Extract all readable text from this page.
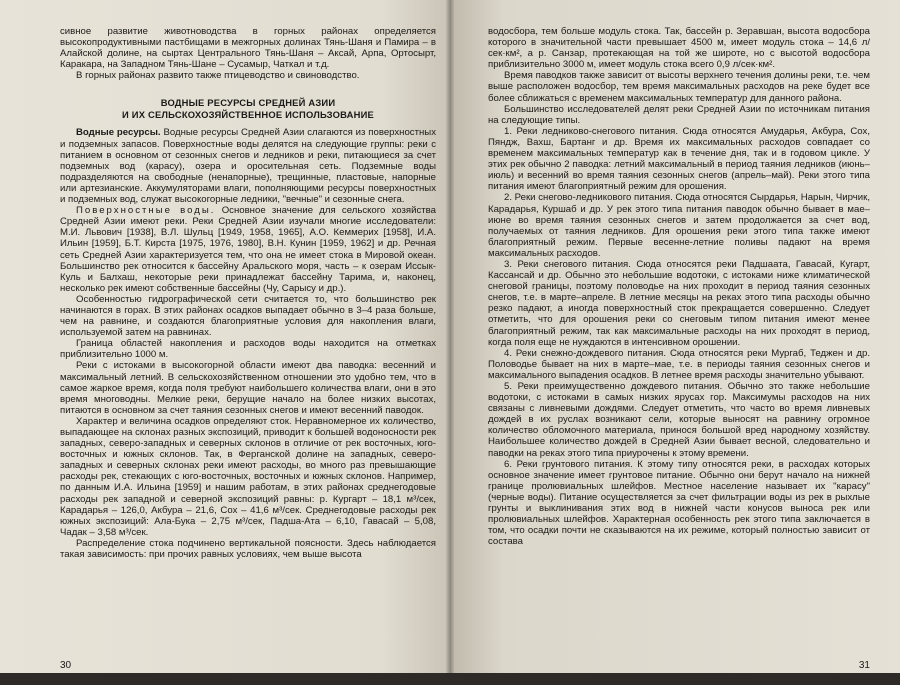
сивное развитие животноводства в горных районах определяется высокопродуктивными пастбищами в межгорных долинах Тянь-Шаня и Памира – в Алайской долине, на сыртах Центрального Тянь-Шаня – Аксай, Арпа, Ортосырт, Каракара, на Западном Тянь-Шане – Сусамыр, Чаткал и т.д.

В горных районах развито также птицеводство и свиноводство.

ВОДНЫЕ РЕСУРСЫ СРЕДНЕЙ АЗИИ

И ИХ СЕЛЬСКОХОЗЯЙСТВЕННОЕ ИСПОЛЬЗОВАНИЕ

Водные ресурсы. Водные ресурсы Средней Азии слагаются из поверхностных и подземных запасов. Поверхностные воды делятся на следующие группы: реки с питанием в основном от сезонных снегов и ледников и реки, питающиеся за счет подземных вод (карасу), озера и оросительная сеть. Подземные воды подразделяются на свободные (ненапорные), трещинные, пластовые, напорные или артезианские. Аккумуляторами влаги, пополняющими ресурсы поверхностных и подземных вод, служат высокогорные ледники, "вечные" и сезонные снега.

Поверхностные воды. Основное значение для сельского хозяйства Средней Азии имеют реки. Реки Средней Азии изучали многие исследователи: М.И. Львович [1938], В.Л. Шульц [1949, 1958, 1965], А.О. Кеммерих [1958], И.А. Ильин [1959], Б.Т. Кирста [1975, 1976, 1980], В.Н. Кунин [1959, 1962] и др. Речная сеть Средней Азии характеризуется тем, что она не имеет стока в Мировой океан. Большинство рек относится к бассейну Аральского моря, часть – к озерам Иссык-Куль и Балхаш, некоторые реки принадлежат бассейну Тарима, и, наконец, несколько рек имеют собственные бассейны (Чу, Сарысу и др.).

Особенностью гидрографической сети считается то, что большинство рек начинаются в горах. В этих районах осадков выпадает обычно в 3–4 раза больше, чем на равнине, и создаются благоприятные условия для накопления влаги, используемой затем на равнинах.

Граница областей накопления и расходов воды находится на отметках приблизительно 1000 м.

Реки с истоками в высокогорной области имеют два паводка: весенний и максимальный летний. В сельскохозяйственном отношении это удобно тем, что в самое жаркое время, когда поля требуют наибольшего количества влаги, они в это время многоводны. Мелкие реки, берущие начало на более низких высотах, питаются в основном за счет таяния сезонных снегов и имеют весенний паводок.

Характер и величина осадков определяют сток. Неравномерное их количество, выпадающее на склонах разных экспозиций, приводит к большей водоносности рек западных, северо-западных и северных склонов в отличие от рек восточных, юго-восточных и южных склонов. Так, в Ферганской долине на западных, северо-западных и северных склонах реки имеют расходы, во много раз превышающие расходы рек, стекающих с юго-восточных, восточных и южных склонов. Например, по данным И.А. Ильина [1959] и нашим работам, в этих районах среднегодовые расходы рек западной и северной экспозиций равны: р. Кургарт – 18,1 м³/сек, Карадарья – 126,0, Акбура – 21,6, Сох – 41,6 м³/сек. Среднегодовые расходы рек южных экспозиций: Ала-Бука – 2,75 м³/сек, Падша-Ата – 6,10, Гавасай – 5,08, Чадак – 3,58 м³/сек.

Распределение стока подчинено вертикальной поясности. Здесь наблюдается такая зависимость: при прочих равных условиях, чем выше высота

30

водосбора, тем больше модуль стока. Так, бассейн р. Зеравшан, высота водосбора которого в значительной части превышает 4500 м, имеет модуль стока – 14,6 л/сек·км², а р. Санзар, протекающая на той же широте, но с высотой водосбора приблизительно 3000 м, имеет модуль стока всего 0,9 л/сек·км².

Время паводков также зависит от высоты верхнего течения долины реки, т.е. чем выше расположен водосбор, тем время максимальных расходов на реке будет все более сближаться с временем максимальных температур для данного района.

Большинство исследователей делят реки Средней Азии по источникам питания на следующие типы.

1. Реки ледниково-снегового питания. Сюда относятся Амударья, Акбура, Сох, Пяндж, Вахш, Бартанг и др. Время их максимальных расходов совпадает со временем максимальных температур как в течение дня, так и в годовом цикле. У этих рек обычно 2 паводка: летний максимальный в период таяния ледников (июнь–июль) и весенний во время таяния сезонных снегов (апрель–май). Реки этого типа питания имеют благоприятный режим для орошения.

2. Реки снегово-ледникового питания. Сюда относятся Сырдарья, Нарын, Чирчик, Карадарья, Куршаб и др. У рек этого типа питания паводок обычно бывает в мае–июне во время таяния сезонных снегов и затем продолжается за счет вод, получаемых от таяния ледников. Для орошения реки этого типа также имеют благоприятный режим. Первые весенне-летние поливы падают на время максимальных расходов.

3. Реки снегового питания. Сюда относятся реки Падшаата, Гавасай, Кугарт, Кассансай и др. Обычно это небольшие водотоки, с истоками ниже климатической снеговой границы, поэтому половодье на них проходит в период таяния сезонных снегов, т.е. в марте–апреле. В летние месяцы на реках этого типа расходы обычно резко падают, а иногда поверхностный сток прекращается совершенно. Следует отметить, что для орошения реки со снеговым типом питания имеют менее благоприятный режим, так как максимальные расходы на них проходят в период, когда поля еще не нуждаются в интенсивном орошении.

4. Реки снежно-дождевого питания. Сюда относятся реки Мургаб, Теджен и др. Половодье бывает на них в марте–мае, т.е. в периоды таяния сезонных снегов и максимального выпадения осадков. В летнее время расходы значительно убывают.

5. Реки преимущественно дождевого питания. Обычно это также небольшие водотоки, с истоками в самых низких ярусах гор. Максимумы расходов на них связаны с ливневыми дождями. Следует отметить, что часто во время ливневых дождей в их руслах возникают сели, которые выносят на равнину огромное количество обломочного материала, принося большой вред народному хозяйству. Наибольшее количество дождей в Средней Азии бывает весной, следовательно и паводки на реках этого типа приурочены к этому времени.

6. Реки грунтового питания. К этому типу относятся реки, в расходах которых основное значение имеет грунтовое питание. Обычно они берут начало на нижней границе пролювиальных шлейфов. Местное население называет их "карасу" (черные воды). Питание осуществляется за счет фильтрации воды из рек в рыхлые грунты и выклинивания этих вод в нижней части конусов выноса рек или пролювиальных шлейфов. Характерная особенность рек этого типа заключается в том, что осадки почти не сказываются на их режиме, который полностью зависит от состава

31
